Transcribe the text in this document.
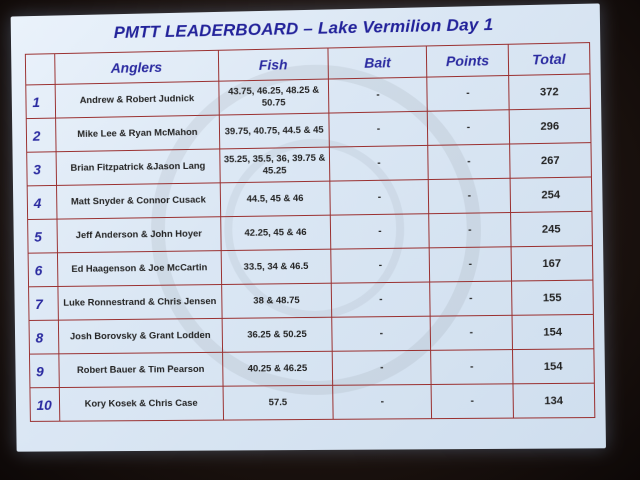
PMTT LEADERBOARD – Lake Vermilion Day 1
	Anglers	Fish	Bait	Points	Total
1	Andrew & Robert Judnick	43.75, 46.25, 48.25 & 50.75	-	-	372
2	Mike Lee & Ryan McMahon	39.75, 40.75, 44.5 & 45	-	-	296
3	Brian Fitzpatrick &Jason Lang	35.25, 35.5, 36, 39.75 & 45.25	-	-	267
4	Matt Snyder & Connor Cusack	44.5, 45 & 46	-	-	254
5	Jeff Anderson & John Hoyer	42.25, 45 & 46	-	-	245
6	Ed Haagenson & Joe McCartin	33.5, 34 & 46.5	-	-	167
7	Luke Ronnestrand & Chris Jensen	38 & 48.75	-	-	155
8	Josh Borovsky & Grant Lodden	36.25 & 50.25	-	-	154
9	Robert Bauer & Tim Pearson	40.25 & 46.25	-	-	154
10	Kory Kosek & Chris Case	57.5	-	-	134
